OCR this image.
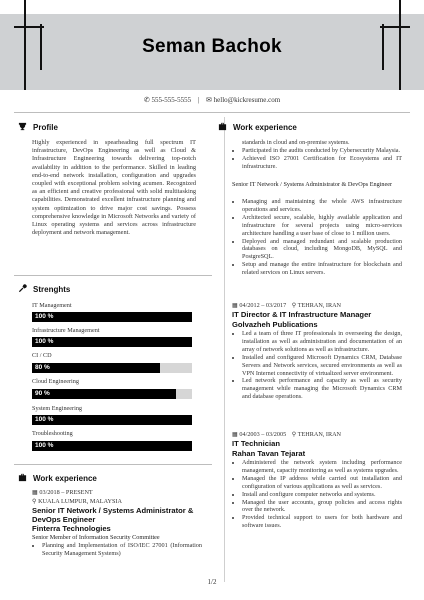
Seman Bachok
✆ 555-555-5555 | ✉ hello@kickresume.com
Profile
Highly experienced in spearheading full spectrum IT infrastructure, DevOps Engineering as well as Cloud & Infrastructure Engineering towards delivering top-notch availability in addition to the performance. Skilled in leading end-to-end network installation, configuration and upgrades coupled with exceptional problem solving acumen. Recognized as an efficient and creative professional with solid multitasking capabilities. Demonstrated excellent infrastructure planning and system optimization to drive major cost savings. Possess comprehensive knowledge in Microsoft Networks and variety of Linux operating systems and services across infrastructure deployment and network management.
Strenghts
IT Management
100 %
Infrastructure Management
100 %
CI / CD
80 %
Cloud Engineering
90 %
System Engineering
100 %
Troubleshooting
100 %
Work experience
▦ 03/2018 – PRESENT
⚲ KUALA LUMPUR, MALAYSIA
Senior IT Network / Systems Administrator & DevOps Engineer
Finterra Technologies
Senior Member of Information Security Committee
• Planning and Implementation of ISO/IEC 27001 (Information Security Management Systems)
Work experience
standards in cloud and on-premise systems.
• Participated in the audits conducted by Cybersecurity Malaysia.
• Achieved ISO 27001 Certification for Ecosystems and IT infrastructure.
Senior IT Network / Systems Administrator & DevOps Engineer
• Managing and maintaining the whole AWS infrastructure operations and services.
• Architected secure, scalable, highly available application and infrastructure for several projects using micro-services architecture handling a user base of close to 1 million users.
• Deployed and managed redundant and scalable production databases on cloud, including MongoDB, MySQL and PostgreSQL.
• Setup and manage the entire infrastructure for blockchain and related services on Linux servers.
▦ 04/2012 – 03/2017 ⚲ TEHRAN, IRAN
IT Director & IT Infrastructure Manager
Golvazheh Publications
• Led a team of three IT professionals in overseeing the design, installation as well as administration and documentation of an array of network solutions as well as infrastructure.
• Installed and configured Microsoft Dynamics CRM, Database Servers and Network services, secured environments as well as VPN Internet connectivity of virtualized server environment.
• Led network performance and capacity as well as security management while managing the Microsoft Dynamics CRM and database operations.
▦ 04/2003 – 03/2005 ⚲ TEHRAN, IRAN
IT Technician
Rahan Tavan Tejarat
• Administered the network system including performance management, capacity monitoring as well as systems upgrades.
• Managed the IP address while carried out installation and configuration of various applications as well as services.
• Install and configure computer networks and systems.
• Managed the user accounts, group policies and access rights over the network.
• Provided technical support to users for both hardware and software issues.
1/2
